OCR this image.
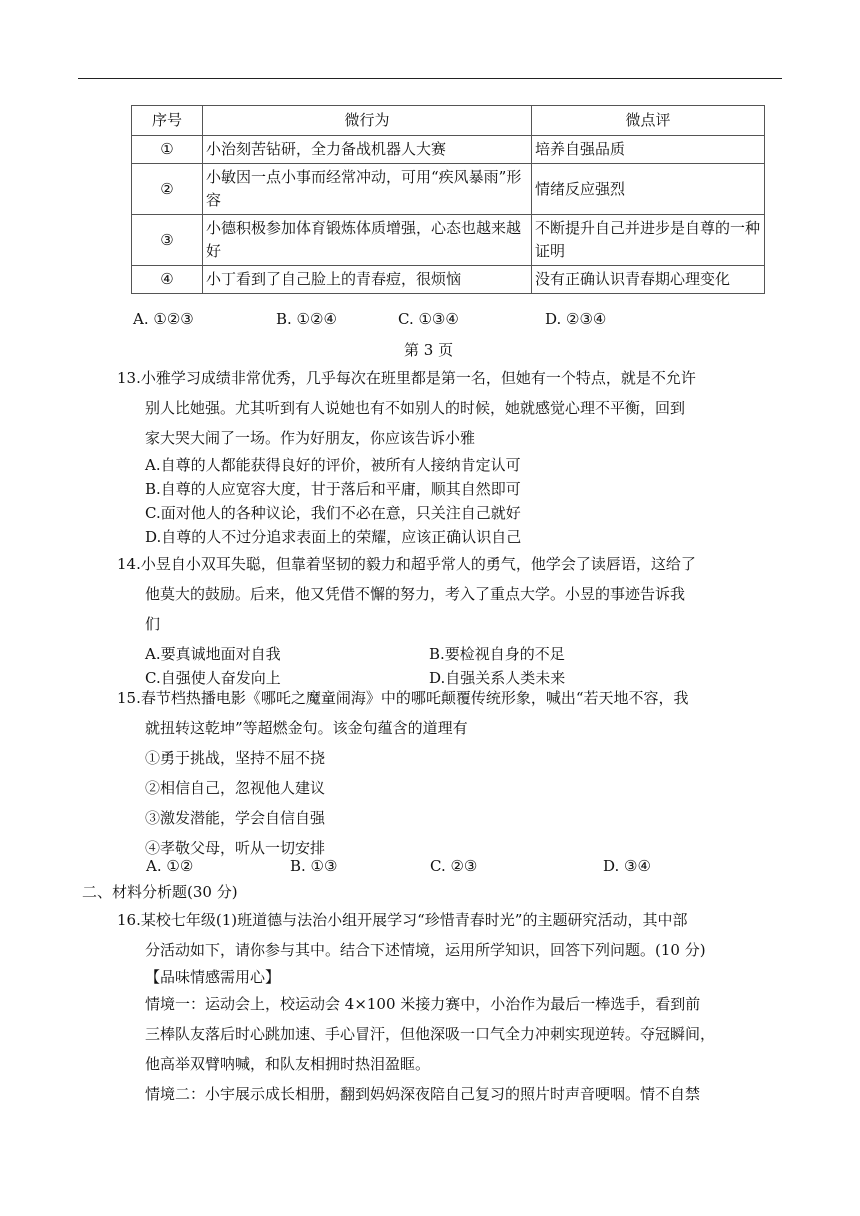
序号	微行为	微点评
①	小治刻苦钻研，全力备战机器人大赛	培养自强品质
②	小敏因一点小事而经常冲动，可用“疾风暴雨”形容	情绪反应强烈
③	小德积极参加体育锻炼体质增强，心态也越来越好	不断提升自己并进步是自尊的一种证明
④	小丁看到了自己脸上的青春痘，很烦恼	没有正确认识青春期心理变化
A. ①②③	B. ①②④	C. ①③④	D. ②③④
第 3 页
13.小雅学习成绩非常优秀，几乎每次在班里都是第一名，但她有一个特点，就是不允许
别人比她强。尤其听到有人说她也有不如别人的时候，她就感觉心理不平衡，回到
家大哭大闹了一场。作为好朋友，你应该告诉小雅
A.自尊的人都能获得良好的评价，被所有人接纳肯定认可
B.自尊的人应宽容大度，甘于落后和平庸，顺其自然即可
C.面对他人的各种议论，我们不必在意，只关注自己就好
D.自尊的人不过分追求表面上的荣耀，应该正确认识自己
14.小昱自小双耳失聪，但靠着坚韧的毅力和超乎常人的勇气，他学会了读唇语，这给了
他莫大的鼓励。后来，他又凭借不懈的努力，考入了重点大学。小昱的事迹告诉我
们
A.要真诚地面对自我	B.要检视自身的不足
C.自强使人奋发向上	D.自强关系人类未来
15.春节档热播电影《哪吒之魔童闹海》中的哪吒颠覆传统形象，喊出“若天地不容，我
就扭转这乾坤”等超燃金句。该金句蕴含的道理有
①勇于挑战，坚持不屈不挠
②相信自己，忽视他人建议
③激发潜能，学会自信自强
④孝敬父母，听从一切安排
A. ①②	B. ①③	C. ②③	D. ③④
二、材料分析题(30 分)
16.某校七年级(1)班道德与法治小组开展学习“珍惜青春时光”的主题研究活动，其中部
分活动如下，请你参与其中。结合下述情境，运用所学知识，回答下列问题。(10 分)
【品味情感需用心】
情境一：运动会上，校运动会 4×100 米接力赛中，小治作为最后一棒选手，看到前
三棒队友落后时心跳加速、手心冒汗，但他深吸一口气全力冲刺实现逆转。夺冠瞬间，
他高举双臂呐喊，和队友相拥时热泪盈眶。
情境二：小宇展示成长相册，翻到妈妈深夜陪自己复习的照片时声音哽咽。情不自禁
